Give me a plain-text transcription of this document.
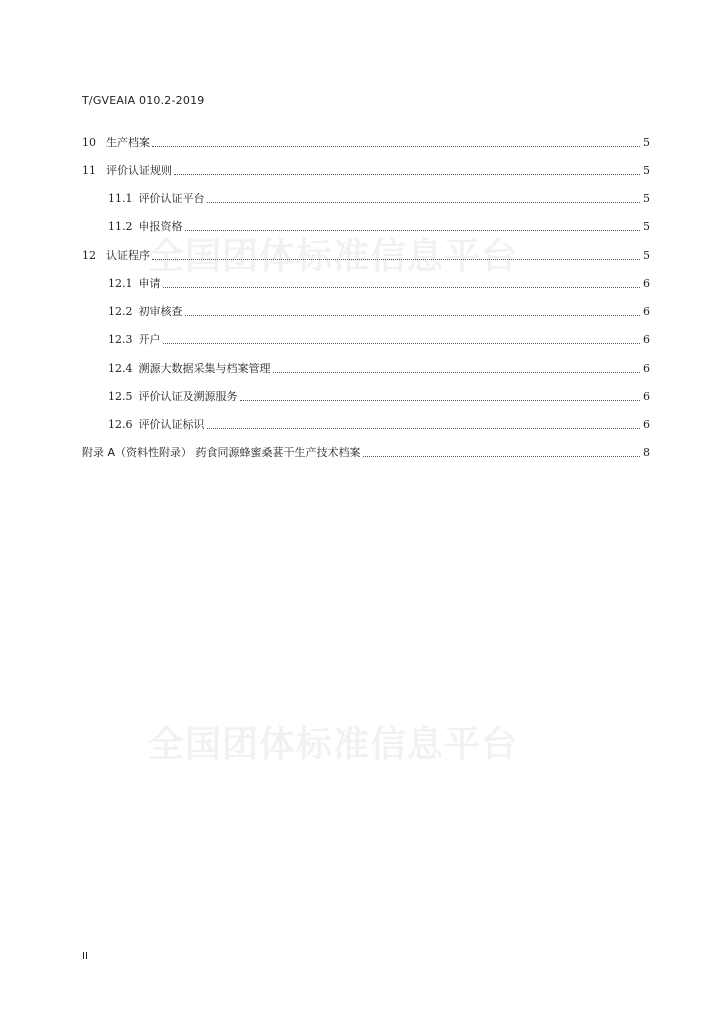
T/GVEAIA 010.2-2019
全国团体标准信息平台
全国团体标准信息平台
10 生产档案	5
11 评价认证规则	5
11.1 评价认证平台	5
11.2 申报资格	5
12 认证程序	5
12.1 申请	6
12.2 初审核查	6
12.3 开户	6
12.4 溯源大数据采集与档案管理	6
12.5 评价认证及溯源服务	6
12.6 评价认证标识	6
附录 A（资料性附录） 药食同源蜂蜜桑葚干生产技术档案	8
II
